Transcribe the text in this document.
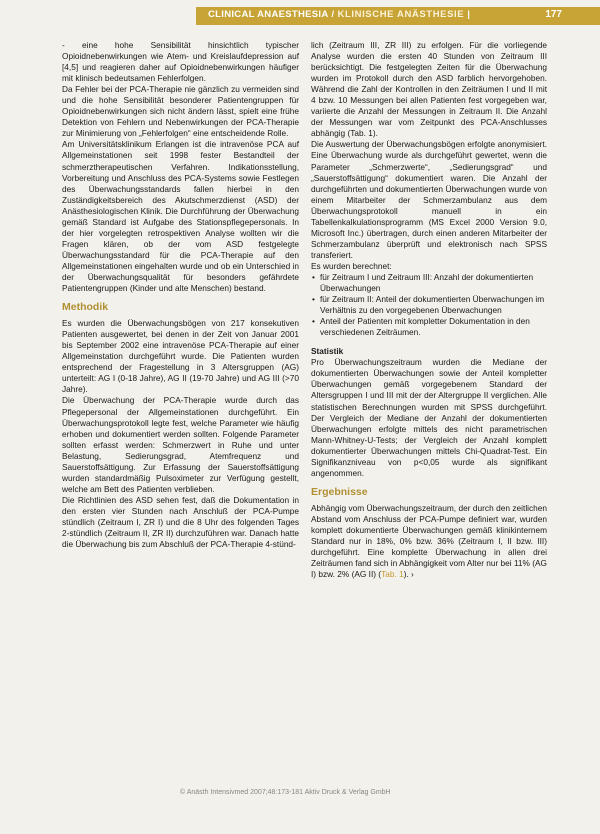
CLINICAL ANAESTHESIA / KLINISCHE ANÄSTHESIE |	177

- eine hohe Sensibilität hinsichtlich typischer Opioidnebenwirkungen wie Atem- und Kreislaufdepression auf [4,5] und reagieren daher auf Opioidnebenwirkungen häufiger mit klinisch bedeutsamen Fehlerfolgen.

Da Fehler bei der PCA-Therapie nie gänzlich zu vermeiden sind und die hohe Sensibilität besonderer Patientengruppen für Opioidnebenwirkungen sich nicht ändern lässt, spielt eine frühe Detektion von Fehlern und Nebenwirkungen der PCA-Therapie zur Minimierung von „Fehlerfolgen“ eine entscheidende Rolle.

Am Universitätsklinikum Erlangen ist die intravenöse PCA auf Allgemeinstationen seit 1998 fester Bestandteil der schmerztherapeutischen Verfahren. Indikationsstellung, Vorbereitung und Anschluss des PCA-Systems sowie Festlegen des Überwachungsstandards fallen hierbei in den Zuständigkeitsbereich des Akutschmerzdienst (ASD) der Anästhesiologischen Klinik. Die Durchführung der Überwachung gemäß Standard ist Aufgabe des Stationspflegepersonals. In der hier vorgelegten retrospektiven Analyse wollten wir die Fragen klären, ob der vom ASD festgelegte Überwachungsstandard für die PCA-Therapie auf den Allgemeinstationen eingehalten wurde und ob ein Unterschied in der Überwachungsqualität für besonders gefährdete Patientengruppen (Kinder und alte Menschen) bestand.

Methodik

Es wurden die Überwachungsbögen von 217 konsekutiven Patienten ausgewertet, bei denen in der Zeit von Januar 2001 bis September 2002 eine intravenöse PCA-Therapie auf einer Allgemeinstation durchgeführt wurde. Die Patienten wurden entsprechend der Fragestellung in 3 Altersgruppen (AG) unterteilt: AG I (0-18 Jahre), AG II (19-70 Jahre) und AG III (>70 Jahre).

Die Überwachung der PCA-Therapie wurde durch das Pflegepersonal der Allgemeinstationen durchgeführt. Ein Überwachungsprotokoll legte fest, welche Parameter wie häufig erhoben und dokumentiert werden sollten. Folgende Parameter sollten erfasst werden: Schmerzwert in Ruhe und unter Belastung, Sedierungsgrad, Atemfrequenz und Sauerstoffsättigung. Zur Erfassung der Sauerstoffsättigung wurden standardmäßig Pulsoximeter zur Verfügung gestellt, welche am Bett des Patienten verblieben.

Die Richtlinien des ASD sehen fest, daß die Dokumentation in den ersten vier Stunden nach Anschluß der PCA-Pumpe stündlich (Zeitraum I, ZR I) und die 8 Uhr des folgenden Tages 2-stündlich (Zeitraum II, ZR II) durchzuführen war. Danach hatte die Überwachung bis zum Abschluß der PCA-Therapie 4-stünd-

lich (Zeitraum III, ZR III) zu erfolgen. Für die vorliegende Analyse wurden die ersten 40 Stunden von Zeitraum III berücksichtigt. Die festgelegten Zeiten für die Überwachung wurden im Protokoll durch den ASD farblich hervorgehoben. Während die Zahl der Kontrollen in den Zeiträumen I und II mit 4 bzw. 10 Messungen bei allen Patienten fest vorgegeben war, variierte die Anzahl der Messungen in Zeitraum II. Die Anzahl der Messungen war vom Zeitpunkt des PCA-Anschlusses abhängig (Tab. 1).

Die Auswertung der Überwachungsbögen erfolgte anonymisiert. Eine Überwachung wurde als durchgeführt gewertet, wenn die Parameter „Schmerzwerte“, „Sedierungsgrad“ und „Sauerstoffsättigung“ dokumentiert waren. Die Anzahl der durchgeführten und dokumentierten Überwachungen wurde von einem Mitarbeiter der Schmerzambulanz aus dem Überwachungsprotokoll manuell in ein Tabellenkalkulationsprogramm (MS Excel 2000 Version 9.0, Microsoft Inc.) übertragen, durch einen anderen Mitarbeiter der Schmerzambulanz überprüft und elektronisch nach SPSS transferiert.

Es wurden berechnet:

• für Zeitraum I und Zeitraum III: Anzahl der dokumentierten Überwachungen
• für Zeitraum II: Anteil der dokumentierten Überwachungen im Verhältnis zu den vorgegebenen Überwachungen
• Anteil der Patienten mit kompletter Dokumentation in den verschiedenen Zeiträumen.
Statistik

Pro Überwachungszeitraum wurden die Mediane der dokumentierten Überwachungen sowie der Anteil kompletter Überwachungen gemäß vorgegebenem Standard der Altersgruppen I und III mit der der Altergruppe II verglichen. Alle statistischen Berechnungen wurden mit SPSS durchgeführt. Der Vergleich der Mediane der Anzahl der dokumentierten Überwachungen erfolgte mittels des nicht parametrischen Mann-Whitney-U-Tests; der Vergleich der Anzahl komplett dokumentierter Überwachungen mittels Chi-Quadrat-Test. Ein Signifikanzniveau von p<0,05 wurde als signifikant angenommen.

Ergebnisse

Abhängig vom Überwachungszeitraum, der durch den zeitlichen Abstand vom Anschluss der PCA-Pumpe definiert war, wurden komplett dokumentierte Überwachungen gemäß klinikinternem Standard nur in 18%, 0% bzw. 36% (Zeitraum I, II bzw. III) durchgeführt. Eine komplette Überwachung in allen drei Zeiträumen fand sich in Abhängigkeit vom Alter nur bei 11% (AG I) bzw. 2% (AG II) (Tab. 1). ›

© Anästh Intensivmed 2007;48:173-181 Aktiv Druck & Verlag GmbH
